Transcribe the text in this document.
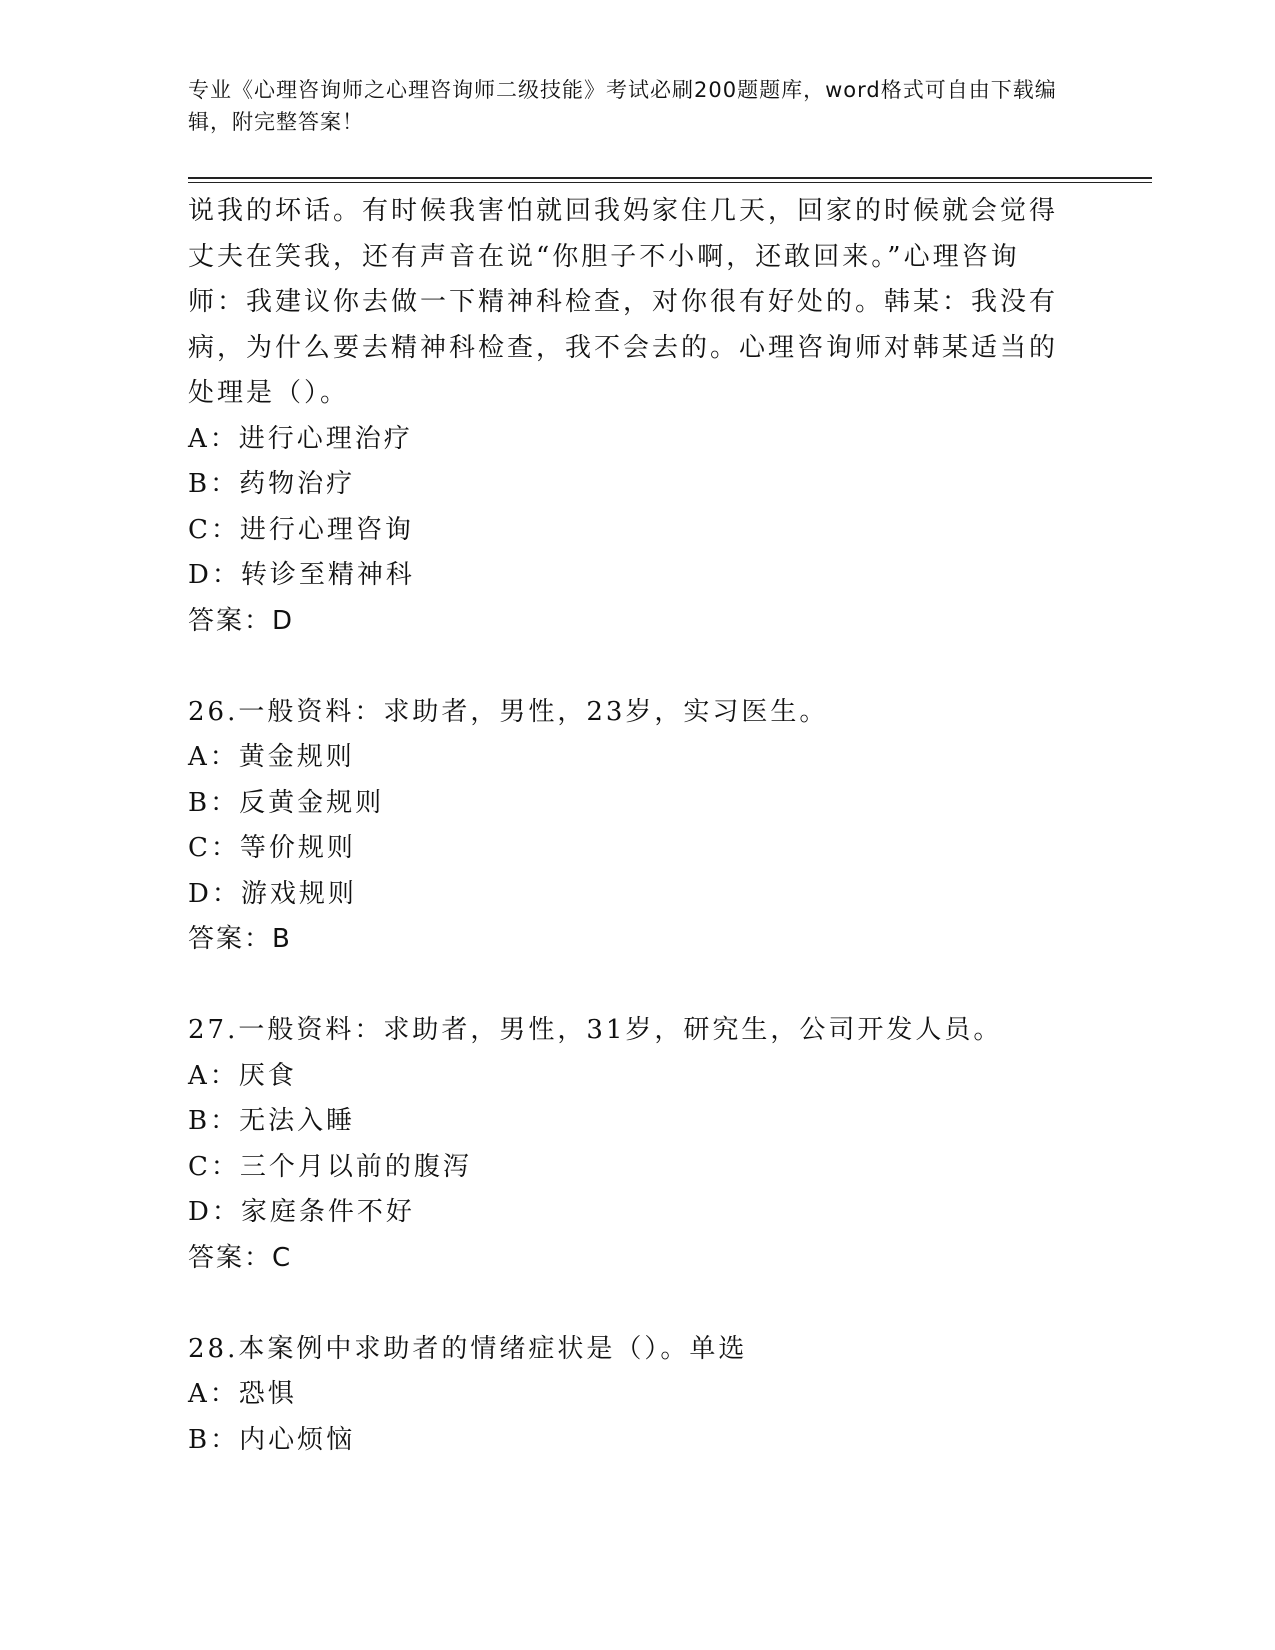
专业《心理咨询师之心理咨询师二级技能》考试必刷200题题库，word格式可自由下载编辑，附完整答案！
说我的坏话。有时候我害怕就回我妈家住几天，回家的时候就会觉得丈夫在笑我，还有声音在说“你胆子不小啊，还敢回来。”心理咨询师：我建议你去做一下精神科检查，对你很有好处的。韩某：我没有病，为什么要去精神科检查，我不会去的。心理咨询师对韩某适当的处理是（）。
A：进行心理治疗
B：药物治疗
C：进行心理咨询
D：转诊至精神科
答案：D
26.一般资料：求助者，男性，23岁，实习医生。
A：黄金规则
B：反黄金规则
C：等价规则
D：游戏规则
答案：B
27.一般资料：求助者，男性，31岁，研究生，公司开发人员。
A：厌食
B：无法入睡
C：三个月以前的腹泻
D：家庭条件不好
答案：C
28.本案例中求助者的情绪症状是（）。单选
A：恐惧
B：内心烦恼
